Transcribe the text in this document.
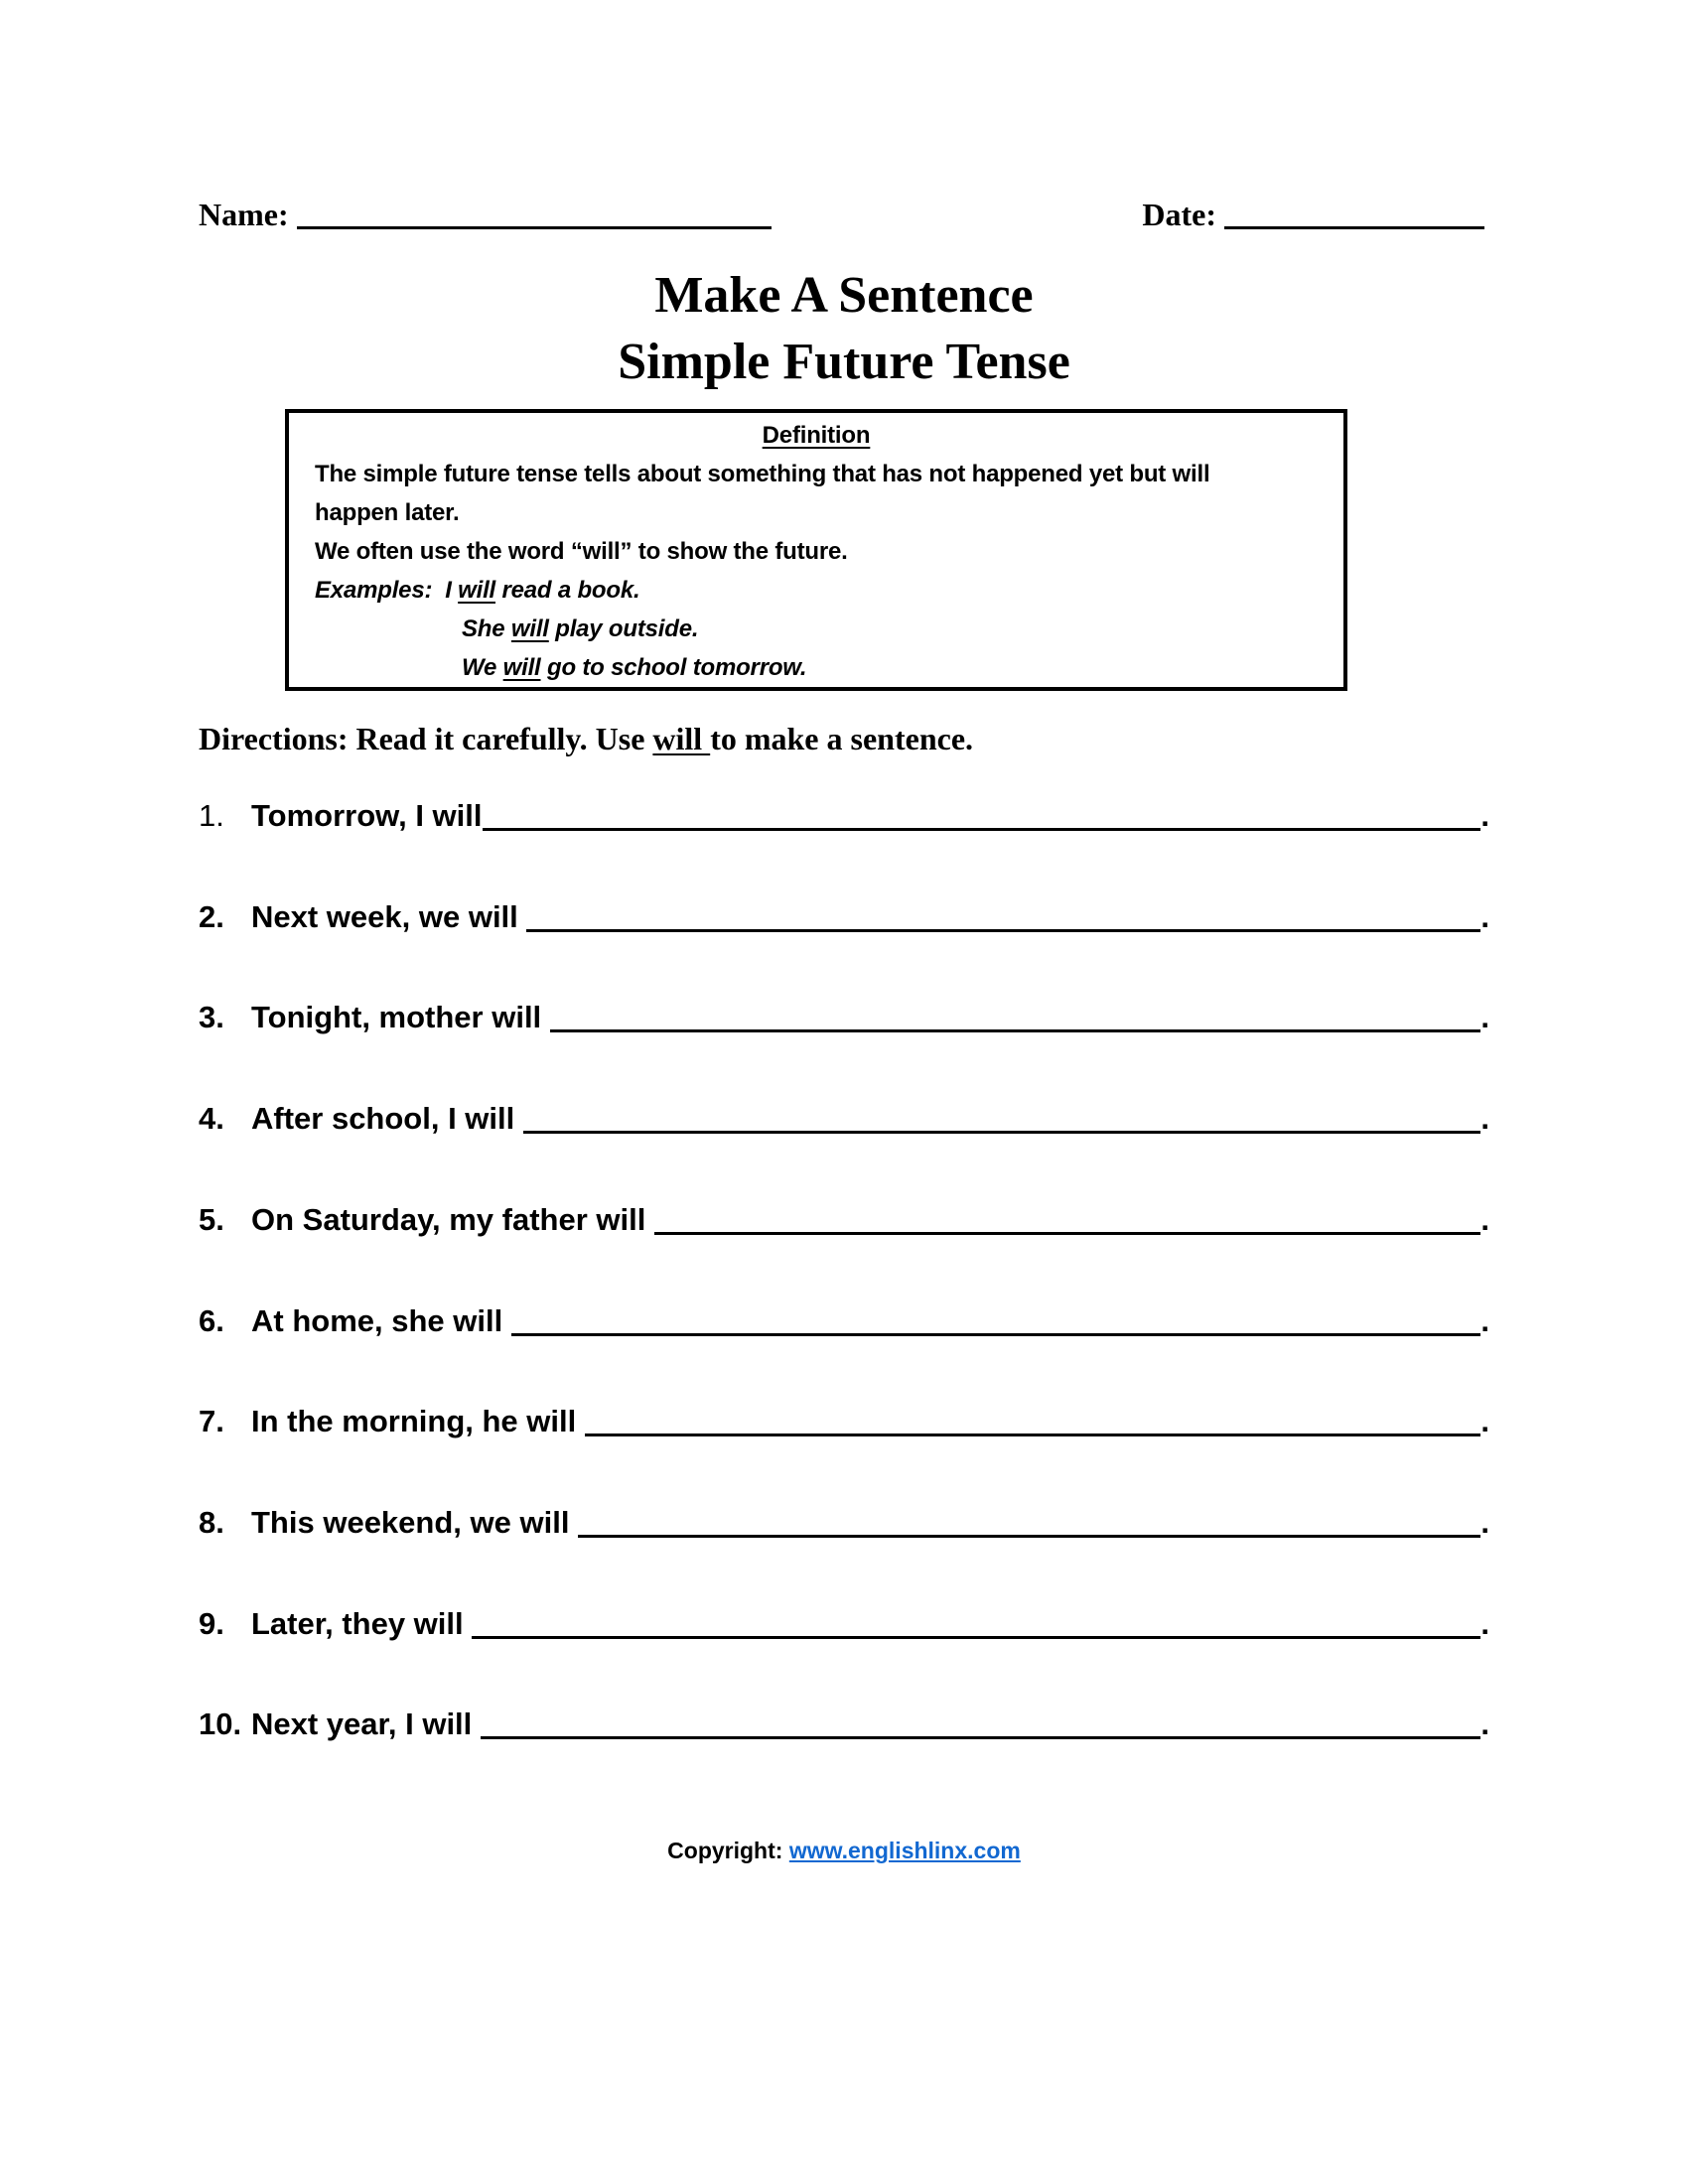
Name:	Date:
Make A Sentence
Simple Future Tense
Definition
The simple future tense tells about something that has not happened yet but will
happen later.
We often use the word “will” to show the future.
Examples:  I will read a book.
She will play outside.
We will go to school tomorrow.
Directions: Read it carefully. Use will to make a sentence.
1. Tomorrow, I will	.
2. Next week, we will	.
3. Tonight, mother will	.
4. After school, I will	.
5. On Saturday, my father will	.
6. At home, she will	.
7. In the morning, he will	.
8. This weekend, we will	.
9. Later, they will	.
10. Next year, I will	.
Copyright: www.englishlinx.com
